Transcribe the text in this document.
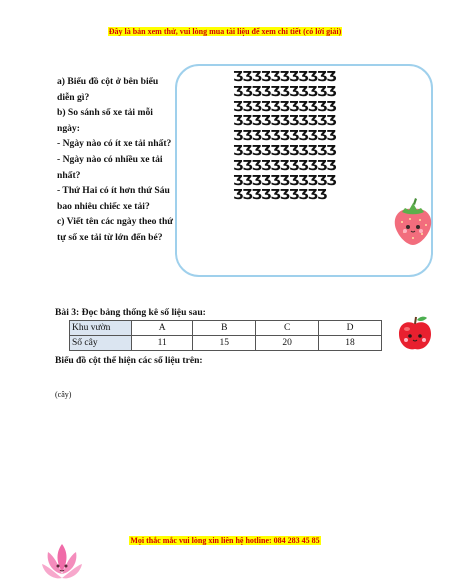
Đây là bản xem thử, vui lòng mua tài liệu để xem chi tiết (có lời giải)

a) Biểu đồ cột ở bên biểu diễn gì?

b) So sánh số xe tải mỗi ngày:

- Ngày nào có ít xe tải nhất?

- Ngày nào có nhiều xe tải nhất?

- Thứ Hai có ít hơn thứ Sáu bao nhiêu chiếc xe tải?

c) Viết tên các ngày theo thứ tự số xe tải từ lớn đến bé?

ӠӠӠӠӠӠӠӠӠӠӠ
ӠӠӠӠӠӠӠӠӠӠӠ
ӠӠӠӠӠӠӠӠӠӠӠ
ӠӠӠӠӠӠӠӠӠӠӠ
ӠӠӠӠӠӠӠӠӠӠӠ
ӠӠӠӠӠӠӠӠӠӠӠ
ӠӠӠӠӠӠӠӠӠӠӠ
ӠӠӠӠӠӠӠӠӠӠӠ
ӠӠӠӠӠӠӠӠӠӠ
Bài 3: Đọc bảng thống kê số liệu sau:
Khu vườn	A	B	C	D
Số cây	11	15	20	18
Biểu đồ cột thể hiện các số liệu trên:
(cây)
Mọi thắc mắc vui lòng xin liên hệ hotline: 084 283 45 85
